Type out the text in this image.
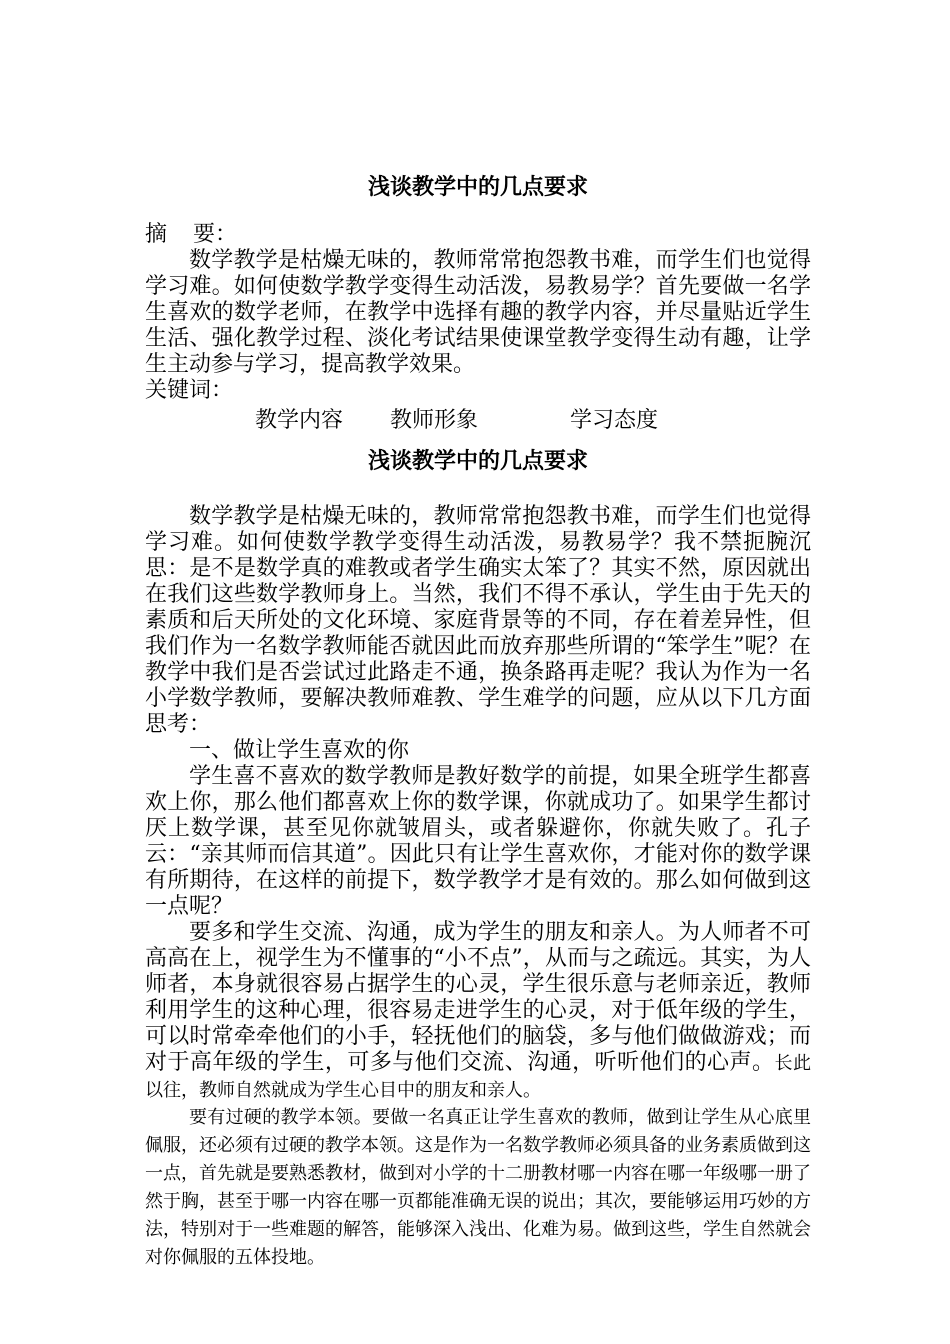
浅谈教学中的几点要求

摘 要：

数学教学是枯燥无味的，教师常常抱怨教书难，而学生们也觉得学习难。如何使数学教学变得生动活泼，易教易学？首先要做一名学生喜欢的数学老师，在教学中选择有趣的教学内容，并尽量贴近学生生活、强化教学过程、淡化考试结果使课堂教学变得生动有趣，让学生主动参与学习，提高教学效果。

关键词：

教学内容 教师形象	学习态度

浅谈教学中的几点要求

数学教学是枯燥无味的，教师常常抱怨教书难，而学生们也觉得学习难。如何使数学教学变得生动活泼，易教易学？我不禁扼腕沉思：是不是数学真的难教或者学生确实太笨了？其实不然，原因就出在我们这些数学教师身上。当然，我们不得不承认，学生由于先天的素质和后天所处的文化环境、家庭背景等的不同，存在着差异性，但我们作为一名数学教师能否就因此而放弃那些所谓的“笨学生”呢？在教学中我们是否尝试过此路走不通，换条路再走呢？我认为作为一名小学数学教师，要解决教师难教、学生难学的问题，应从以下几方面思考：

一、做让学生喜欢的你

学生喜不喜欢的数学教师是教好数学的前提，如果全班学生都喜欢上你，那么他们都喜欢上你的数学课，你就成功了。如果学生都讨厌上数学课，甚至见你就皱眉头，或者躲避你，你就失败了。孔子云：“亲其师而信其道”。因此只有让学生喜欢你，才能对你的数学课有所期待，在这样的前提下，数学教学才是有效的。那么如何做到这一点呢？

要多和学生交流、沟通，成为学生的朋友和亲人。为人师者不可高高在上，视学生为不懂事的“小不点”，从而与之疏远。其实，为人师者，本身就很容易占据学生的心灵，学生很乐意与老师亲近，教师利用学生的这种心理，很容易走进学生的心灵，对于低年级的学生，可以时常牵牵他们的小手，轻抚他们的脑袋，多与他们做做游戏；而对于高年级的学生，可多与他们交流、沟通，听听他们的心声。长此以往，教师自然就成为学生心目中的朋友和亲人。

要有过硬的教学本领。要做一名真正让学生喜欢的教师，做到让学生从心底里佩服，还必须有过硬的教学本领。这是作为一名数学教师必须具备的业务素质做到这一点，首先就是要熟悉教材，做到对小学的十二册教材哪一内容在哪一年级哪一册了然于胸，甚至于哪一内容在哪一页都能准确无误的说出；其次，要能够运用巧妙的方法，特别对于一些难题的解答，能够深入浅出、化难为易。做到这些，学生自然就会对你佩服的五体投地。
